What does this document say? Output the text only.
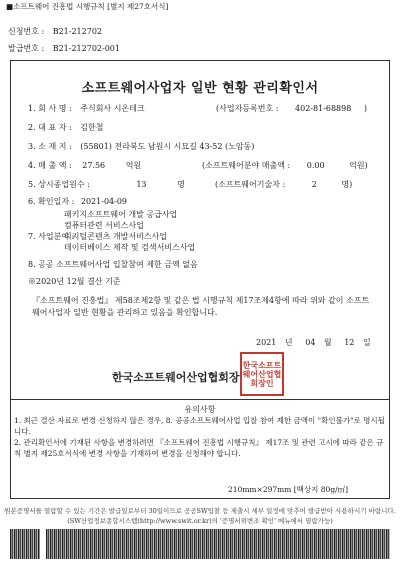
■소프트웨어 진흥법 시행규칙 [별지 제27호서식]
신청번호 : B21-212702
발급번호 : B21-212702-001
소프트웨어사업자 일반 현황 관리확인서
1. 회 사 명 : 주식회사 시온테크	(사업자등록번호 : 402-81-68898 )
2. 대 표 자 : 김한철
3. 소 재 지 : (55801) 전라북도 남원시 시묘길 43-52 (노암동)
4. 매 출 액 : 27.56	억원	(소프트웨어분야 매출액 : 0.00	억원)
5. 상시종업원수 :	13	명	(소프트웨어기술자 :	2	명)
6. 확인일자 : 2021-04-09
패키지소프트웨어 개발 공급사업
컴퓨터관련 서비스사업
7. 사업분야 :
디지털콘텐츠 개발서비스사업
데이터베이스 제작 및 검색서비스사업
8. 공공 소프트웨어사업 입찰참여 제한 금액 없음
※2020년 12월 결산 기준
『소프트웨어 진흥법』 제58조제2항 및 같은 법 시행규칙 제17조제4항에 따라 위와 같이 소프트웨어사업자 일반 현황을 관리하고 있음을 확인합니다.
2021 년 04 월 12 일
한국소프트웨어산업협회장
한국소프트웨어산업협회장인
유의사항
1. 최근 결산 자료로 변경 신청하지 않은 경우, 8. 공공소프트웨어사업 입찰 참여 제한 금액이 "확인불가"로 명시됩니다.
2. 관리확인서에 기재된 사항을 변경하려면 『소프트웨어 진흥법 시행규칙』 제17조 및 관련 고시에 따라 같은 규칙 별지 제25호서식에 변경 사항을 기재하여 변경을 신청해야 합니다.
210mm×297mm [백상지 80g/㎡]
원본증명서를 열람할 수 있는 기간은 발급일로부터 30일이므로 공공SW입찰 등 제출시 세부 일정에 맞추어 발급받아 사용하시기 바랍니다.
(SW산업정보종합시스템(http://www.swit.or.kr)의 '증명서위변조 확인' 메뉴에서 열람가능)
